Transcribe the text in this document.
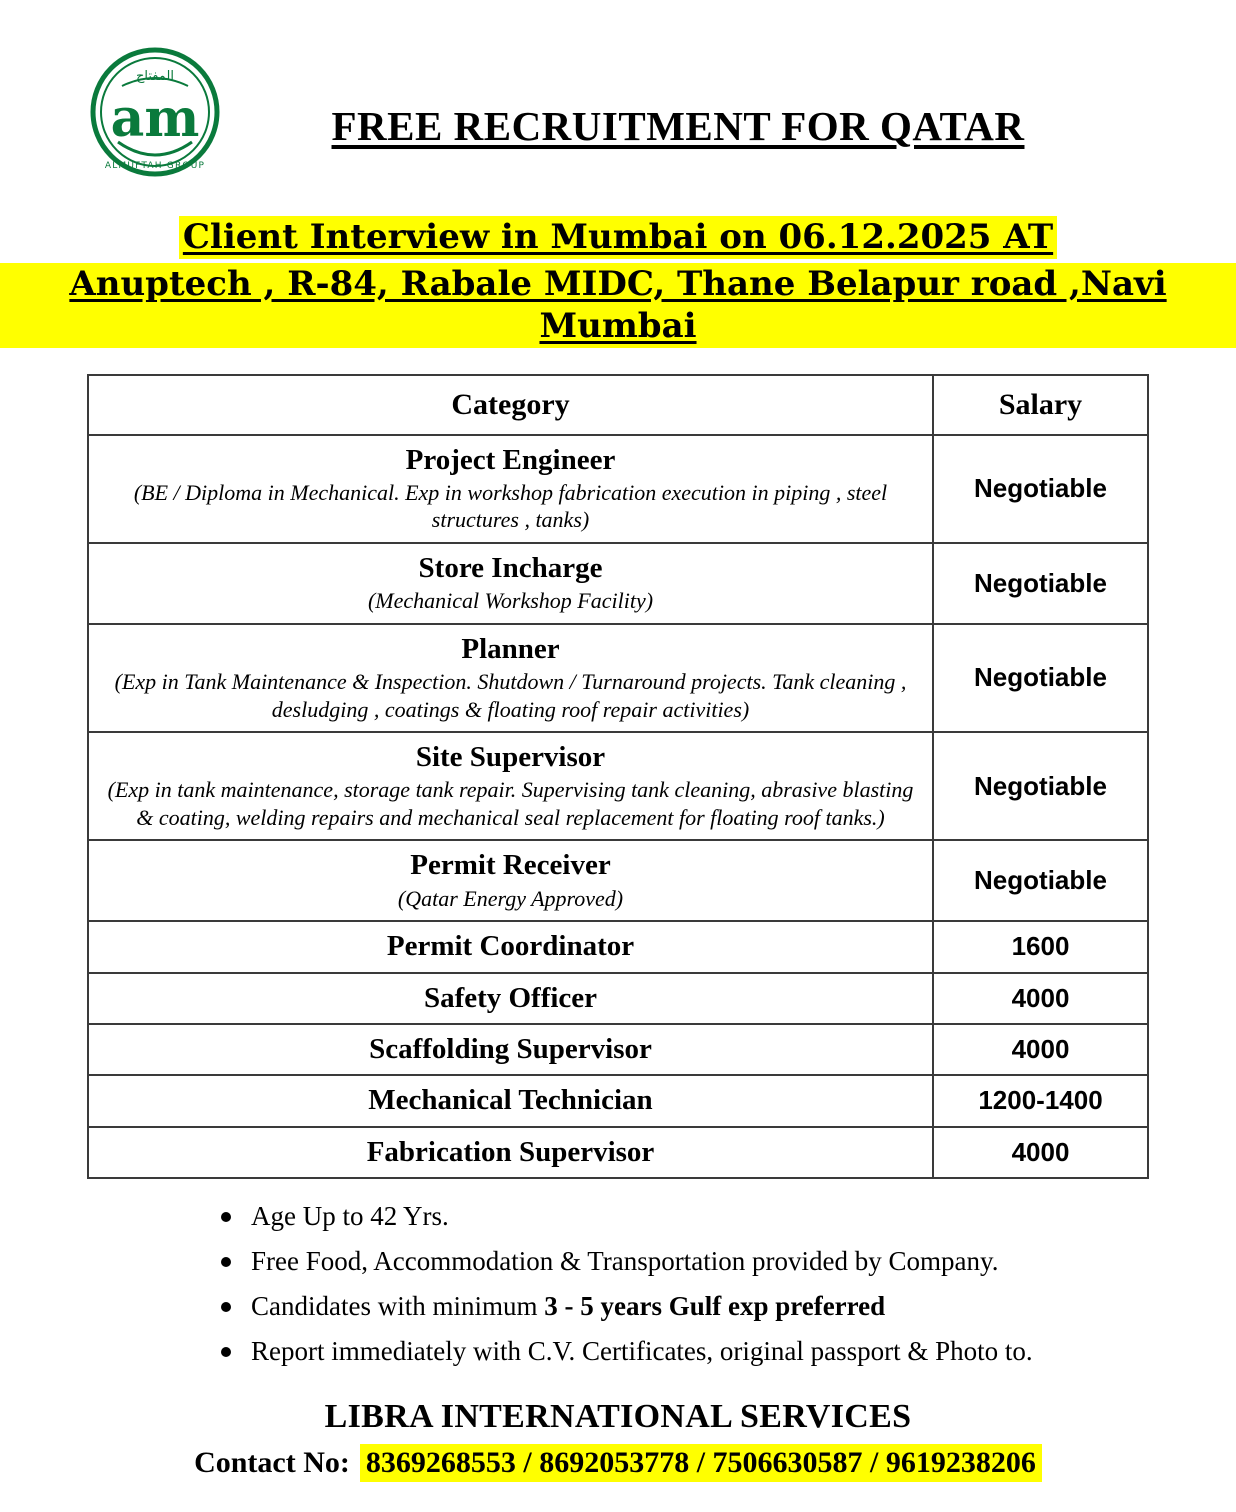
am
المفتاح
ALMUFTAH GROUP
FREE RECRUITMENT FOR QATAR
Client Interview in Mumbai on 06.12.2025 AT
Anuptech , R-84, Rabale MIDC, Thane Belapur road ,Navi Mumbai
Category	Salary

Project Engineer
(BE / Diploma in Mechanical. Exp in workshop fabrication execution in piping , steel structures , tanks)	Negotiable

Store Incharge
(Mechanical Workshop Facility)	Negotiable

Planner
(Exp in Tank Maintenance & Inspection. Shutdown / Turnaround projects. Tank cleaning , desludging , coatings & floating roof repair activities)	Negotiable

Site Supervisor
(Exp in tank maintenance, storage tank repair. Supervising tank cleaning, abrasive blasting & coating, welding repairs and mechanical seal replacement for floating roof tanks.)	Negotiable

Permit Receiver
(Qatar Energy Approved)	Negotiable

Permit Coordinator	1600

Safety Officer	4000

Scaffolding Supervisor	4000

Mechanical Technician	1200-1400

Fabrication Supervisor	4000
Age Up to 42 Yrs.
Free Food, Accommodation & Transportation provided by Company.
Candidates with minimum 3 - 5 years Gulf exp preferred
Report immediately with C.V. Certificates, original passport & Photo to.
LIBRA INTERNATIONAL SERVICES
Contact No: 8369268553 / 8692053778 / 7506630587 / 9619238206
